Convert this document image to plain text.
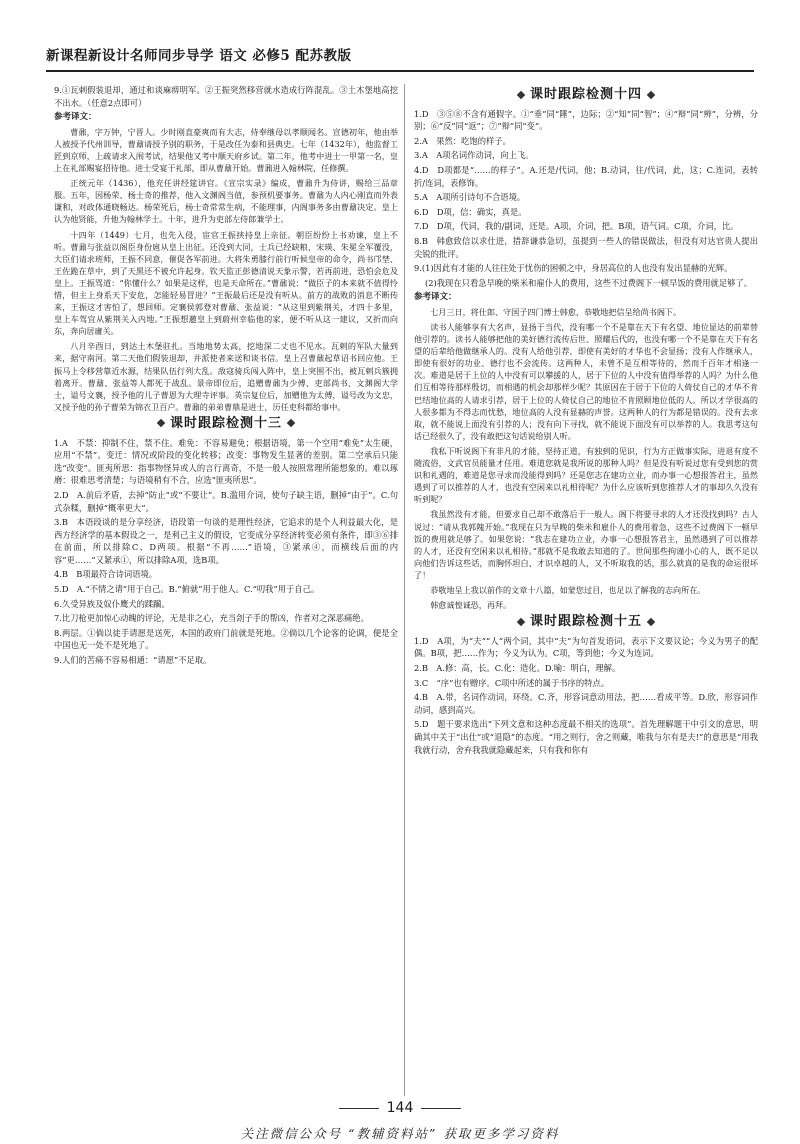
新课程新设计名师同步导学 语文 必修5 配苏教版
9.①瓦剌假装退却，通过和谈麻痹明军。②王振突然移营就水造成行阵混乱。③土木堡地高挖不出水。（任意2点即可）
参考译文：
曹鼐，字万钟，宁晋人。少时刚直豪爽而有大志，侍奉继母以孝顺闻名。宣德初年，他由举人被授予代州训导，曹鼐请授予别的职务，于是改任为泰和县典史。七年（1432年），他监督工匠到京师，上疏请求入闱考试，结果他又考中顺天府乡试。第二年，他考中进士一甲第一名，皇上在礼部赐宴招待他。进士受宴于礼部，即从曹鼐开始。曹鼐进入翰林院，任修撰。
正统元年（1436），他充任讲经筵讲官。《宣宗实录》编成，曹鼐升为侍讲，赐给三品章服。五年，因杨荣、杨士奇的推荐，他入文渊阁当值，参预机要事务。曹鼐为人内心刚直而外表谦和，对政体通晓畅达。杨荣死后，杨士奇常常生病，不能理事，内阁事务多由曹鼐决定。皇上认为他贤能，升他为翰林学士。十年，进升为吏部左侍郎兼学士。
十四年（1449）七月，也先入侵，宦官王振挟持皇上亲征。朝臣纷纷上书劝谏，皇上不听。曹鼐与张益以阁臣身份扈从皇上出征。还没到大同，士兵已经缺粮，宋瑛、朱冕全军覆没，大臣们请求班师，王振不同意，催促各军前进。大将朱勇膝行前行听候皇帝的命令，尚书邝埜、王佐跪在草中，到了天黑还不被允许起身。钦天监正彭德清说天象示警，若再前进，恐怕会危及皇上。王振骂道：“你懂什么？如果是这样，也是天命所在。”曹鼐说：“做臣子的本来就不值得怜惜，但主上身系天下安危，怎能轻易冒进？”王振最后还是没有听从。前方的战败的消息不断传来，王振这才害怕了，想回师。定襄侯郭登对曹鼐、张益说：“从这里到紫荆关，才四十多里，皇上车驾宜从紫荆关入内地。”王振想邀皇上到蔚州幸临他的家，便不听从这一建议，又折而向东，奔向居庸关。
八月辛酉日，到达土木堡驻扎。当地地势太高，挖地深二丈也不见水。瓦剌的军队大量到来，据守南河。第二天他们假装退却，并派使者来送和谈书信。皇上召曹鼐起草诏书回应他。王振马上令移营靠近水源，结果队伍行列大乱。敌寇骑兵闯入阵中，皇上突围不出，被瓦剌兵簇拥着离开。曹鼐、张益等人都死于战乱。景帝即位后，追赠曹鼐为少傅、吏部尚书、文渊阁大学士，谥号文襄，授予他的儿子曹恩为大理寺评事。英宗复位后，加赠他为太傅，谥号改为文忠，又授予他的孙子曹荣为锦衣卫百户。曹鼐的弟弟曹鼎是进士，历任吏科都给事中。
课时跟踪检测十三
1.A　不禁：抑制不住，禁不住。难免：不容易避免；根据语境，第一个空用“难免”太生硬，应用“不禁”。变迁：情况或阶段的变化转移；改变：事物发生显著的差别。第二空承后只能选“改变”。匪夷所思：指事物怪异或人的言行离奇，不是一般人按照常理所能想象的。难以琢磨：很难思考清楚；与语境稍有不合，应选“匪夷所思”。
2.D　A.前后矛盾，去掉“防止”或“不要让”。B.滥用介词，使句子缺主语，删掉“由于”。C.句式杂糅，删掉“概率更大”。
3.B　本语段谈的是分享经济，语段第一句谈的是理性经济，它追求的是个人利益最大化，是西方经济学的基本假设之一，是利己主义的假设，它变成分享经济转变必须有条件，即③⑥排在前面，所以排除C、D两项。根据“不再……”语境，③紧承④，而横线后面的内容“更……”又紧承①，所以排除A项，选B项。
4.B　B项最符合诗词语境。
5.D　A.“不情之请”用于自己。B.“俯就”用于他人。C.“叨我”用于自己。
6.久受异族及奴仆鹰犬的蹂躏。
7.比刀枪更加惊心动魄的评论，无是非之心，充当刽子手的帮凶，作者对之深恶痛绝。
8.两层。①倘以徒手请愿是送死，本国的政府门前就是死地。②倘以几个论客的论调，便是全中国也无一处不是死地了。
9.人们的苦痛不容易相通：“请愿”不足取。
课时跟踪检测十四
1.D　③⑤⑧不含有通假字。①“垂”同“陲”，边际；②“知”同“智”；④“辩”同“辨”，分辨，分别；⑥“反”同“返”；⑦“辩”同“变”。
2.A　果然：吃饱的样子。
3.A　A项名词作动词，向上飞。
4.D　D项都是“……的样子”。A.还是/代词，他；B.动词，往/代词，此，这；C.连词，表转折/连词，表修饰。
5.A　A项所引诗句不合语境。
6.D　D项，信：确实，真是。
7.D　D项，代词，我的/副词，还是。A项，介词，把。B项，语气词。C项，介词，比。
8.B　韩愈致信以求仕进，措辞谦恭急切，虽提到一些人的错误做法，但没有对达官贵人提出尖锐的批评。
9.(1)因此有才能的人往往处于忧伤的困顿之中，身居高位的人也没有发出显赫的光辉。
(2)我现在只看急早晚的柴米和雇仆人的费用，这些不过费阁下一顿早饭的费用就足够了。
参考译文：
七月三日，将仕郎、守国子四门博士韩愈，恭敬地把信呈给尚书阁下。
读书人能够享有大名声，显扬于当代，没有哪一个不是靠在天下有名望、地位显达的前辈替他引荐的。读书人能够把他的美好德行流传后世、照耀后代的，也没有哪一个不是靠在天下有名望的后辈给他做继承人的。没有人给他引荐，即使有美好的才华也不会显扬；没有人作继承人，即使有很好的功业、德行也不会流传。这两种人，未曾不是互相等待的，然而千百年才相逢一次。难道是居于上位的人中没有可以攀援的人，居于下位的人中没有值得举荐的人吗？为什么他们互相等待那样殷切，而相遇的机会却那样少呢？其原因在于居于下位的人倚仗自己的才华不肯巴结地位高的人请求引荐，居于上位的人倚仗自己的地位不肯照顾地位低的人。所以才学很高的人很多都为不得志而忧愁，地位高的人没有显赫的声誉。这两种人的行为都是错误的。没有去求取，就不能说上面没有引荐的人；没有向下寻找，就不能说下面没有可以举荐的人。我思考这句话已经很久了，没有敢把这句话说给别人听。
我私下听说阁下有非凡的才能，坚持正道，有独到的见识，行为方正做事实际，进退有度不随流俗，文武官员能量才任用。难道您就是我所说的那种人吗？但是没有听说过您有受到您的赏识和礼遇的，难道是您寻求而没能得到吗？还是您志在建功立业，而办事一心想报答君主，虽然遇到了可以推荐的人才，也没有空闲来以礼相待呢？为什么应该听到您推荐人才的事却久久没有听到呢？
我虽然没有才能，但要求自己却不敢落后于一般人。阁下将要寻求的人才还没找到吗？古人说过：“请从我郭隗开始。”我现在只为早晚的柴米和雇仆人的费用着急，这些不过费阁下一顿早饭的费用就足够了。如果您说：“我志在建功立业，办事一心想报答君主，虽然遇到了可以推荐的人才，还没有空闲来以礼相待。”那就不是我敢去知道的了。世间那些拘谨小心的人，既不足以向他们告诉这些话，而胸怀坦白、才识卓越的人，又不听取我的话，那么就真的是我的命运很坏了！
恭敬地呈上我以前作的文章十八篇，如蒙您过目，也足以了解我的志向所在。
韩愈诚惶诚恐，再拜。
课时跟踪检测十五
1.D　A项，为“夫”“人”两个词，其中“夫”为句首发语词，表示下文要议论；今义为男子的配偶。B项，把……作为；今义为认为。C项，等到他；今义为连词。
2.B　A.修：高，长。C.化：造化。D.喻：明白，理解。
3.C　“序”也有赠序。C项中所述的属于书序的特点。
4.B　A.带，名词作动词，环绕。C.齐，形容词意动用法，把……看成平等。D.欣，形容词作动词，感到高兴。
5.D　题干要求选出“下列文意和这种态度最不相关的选项”。首先理解题干中引文的意思，明确其中关于“出仕”或“退隐”的态度。“用之则行，舍之则藏，唯我与尔有是夫!”的意思是“用我我就行动，舍弃我我就隐藏起来，只有我和你有
144
关注微信公众号 “教辅资料站” 获取更多学习资料
